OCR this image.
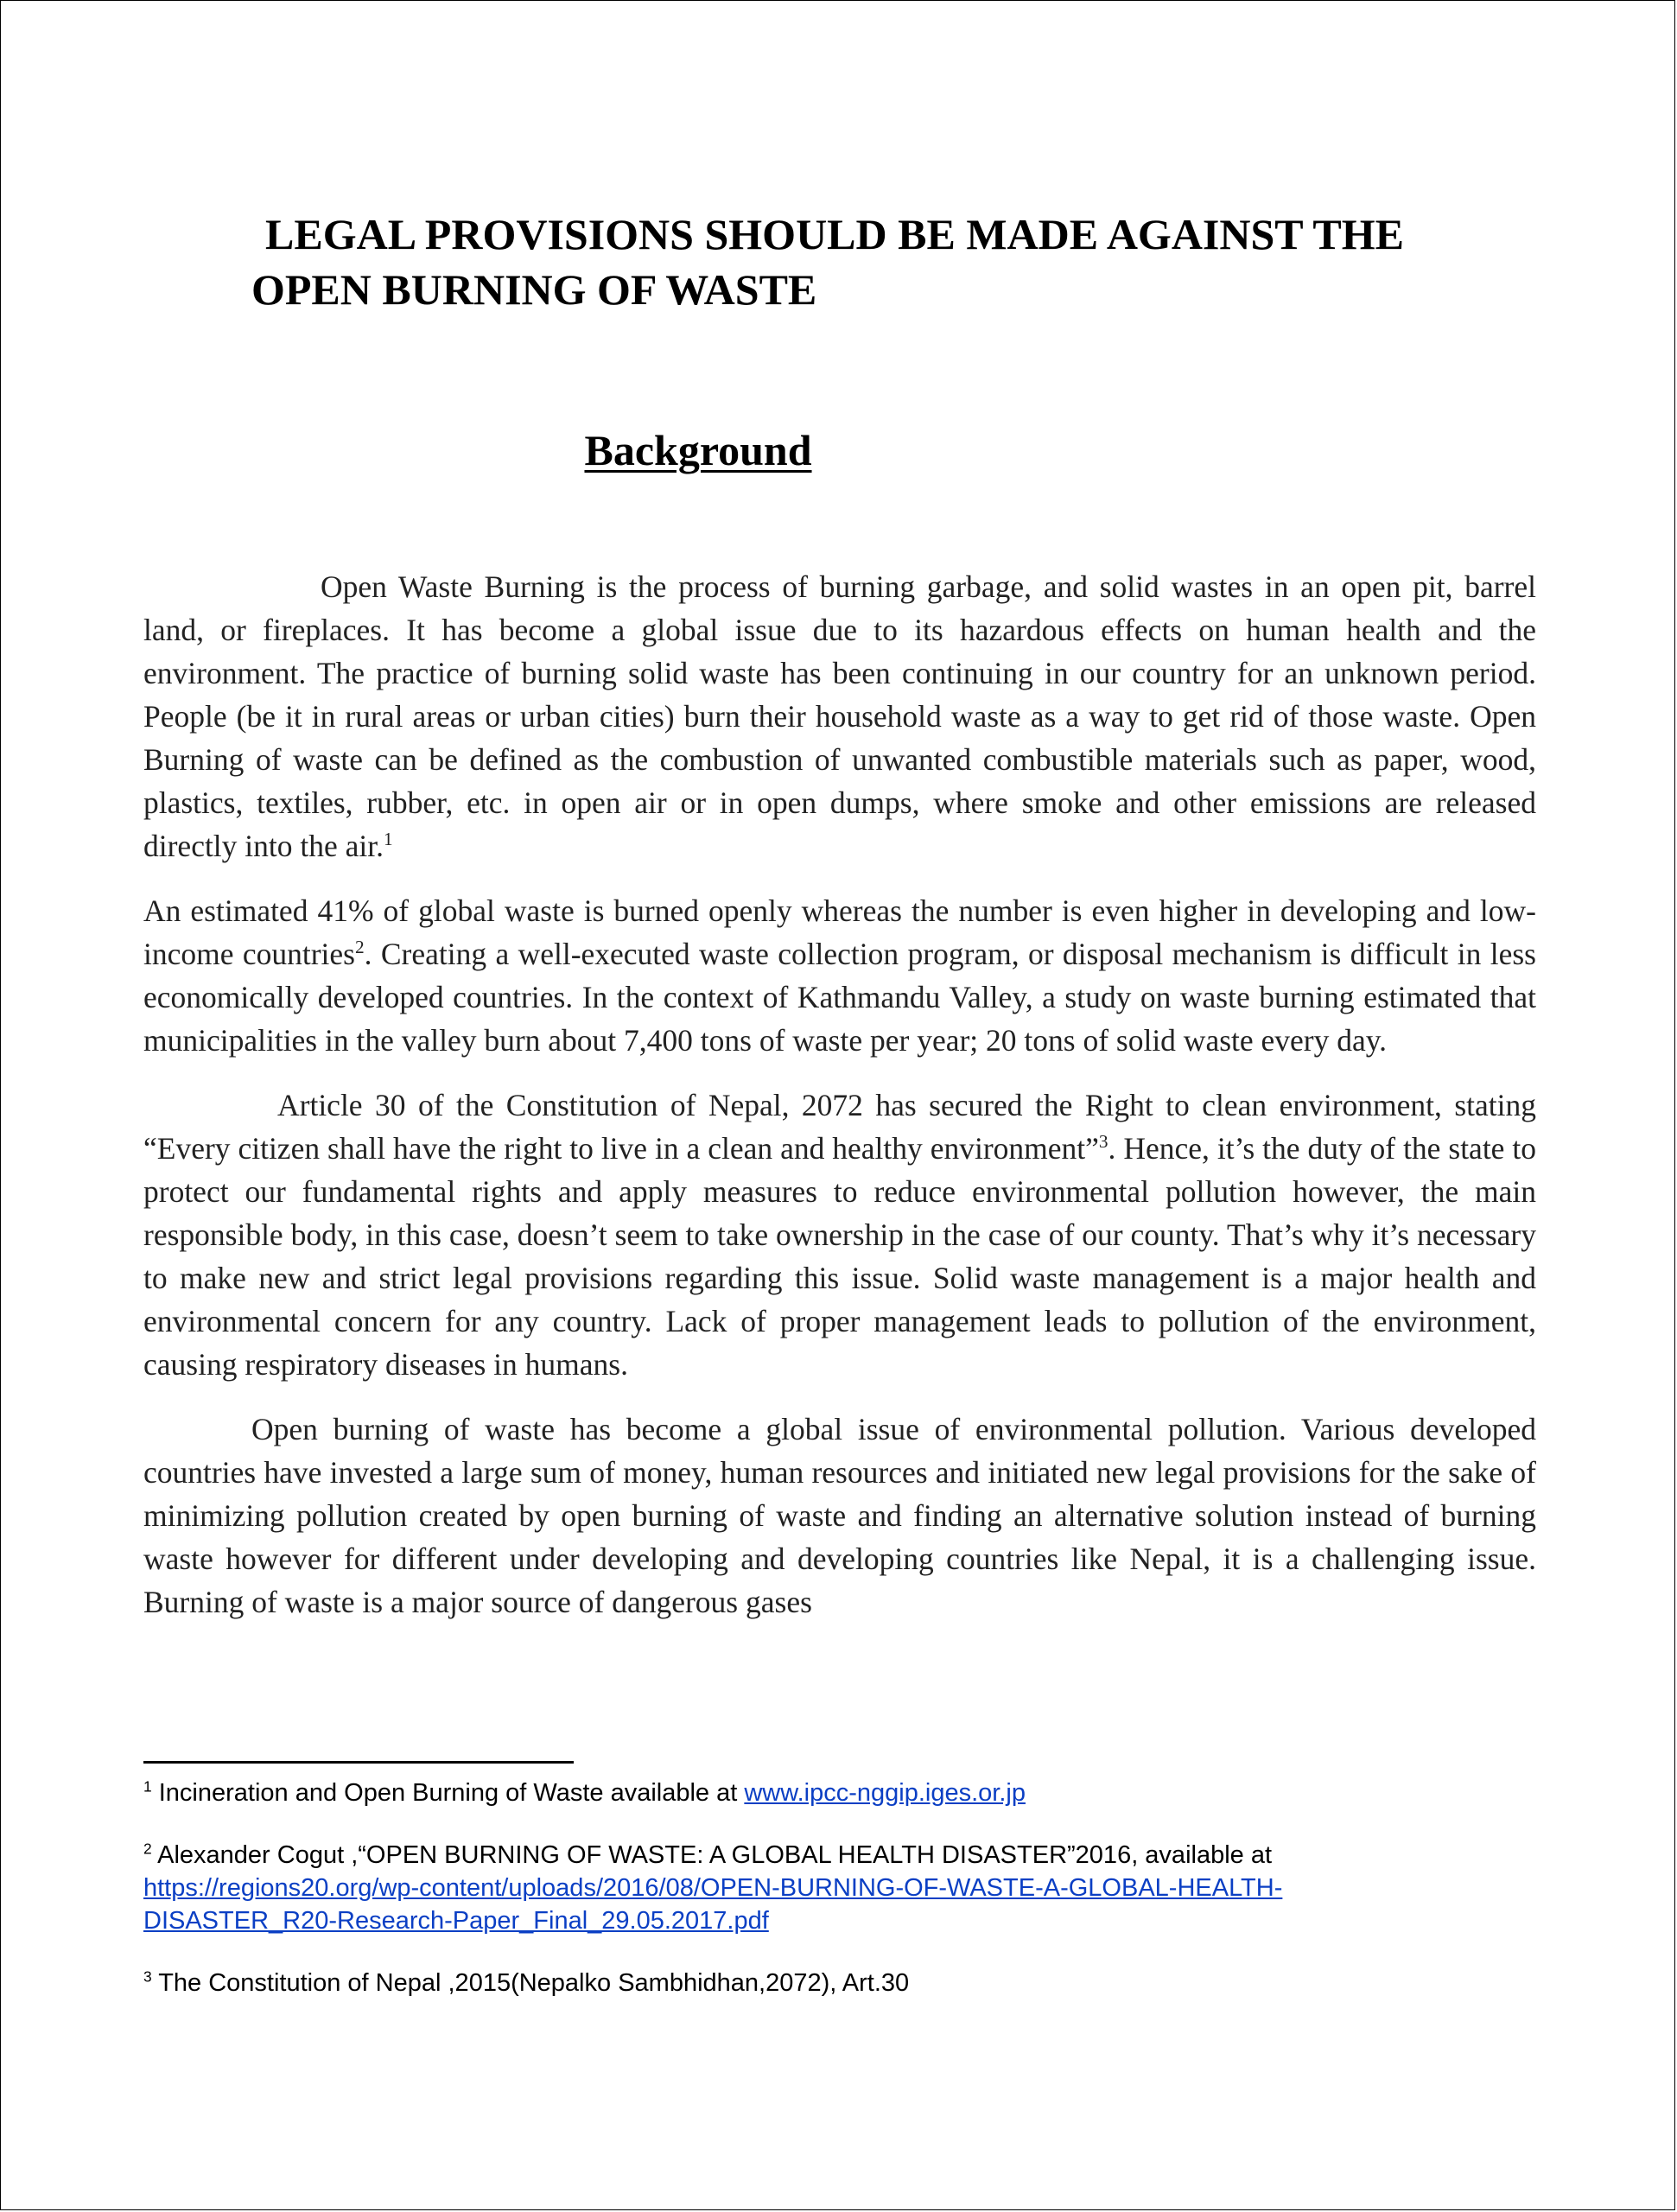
LEGAL PROVISIONS SHOULD BE MADE AGAINST THE
OPEN BURNING OF WASTE
Background

Open Waste Burning is the process of burning garbage, and solid wastes in an open pit, barrel land, or fireplaces. It has become a global issue due to its hazardous effects on human health and the environment. The practice of burning solid waste has been continuing in our country for an unknown period. People (be it in rural areas or urban cities) burn their household waste as a way to get rid of those waste. Open Burning of waste can be defined as the combustion of unwanted combustible materials such as paper, wood, plastics, textiles, rubber, etc. in open air or in open dumps, where smoke and other emissions are released directly into the air.$^1$

An estimated 41% of global waste is burned openly whereas the number is even higher in developing and low-income countries$^2$. Creating a well-executed waste collection program, or disposal mechanism is difficult in less economically developed countries. In the context of Kathmandu Valley, a study on waste burning estimated that municipalities in the valley burn about 7,400 tons of waste per year; 20 tons of solid waste every day.

Article 30 of the Constitution of Nepal, 2072 has secured the Right to clean environment, stating “Every citizen shall have the right to live in a clean and healthy environment”$^3$. Hence, it’s the duty of the state to protect our fundamental rights and apply measures to reduce environmental pollution however, the main responsible body, in this case, doesn’t seem to take ownership in the case of our county. That’s why it’s necessary to make new and strict legal provisions regarding this issue. Solid waste management is a major health and environmental concern for any country. Lack of proper management leads to pollution of the environment, causing respiratory diseases in humans.

Open burning of waste has become a global issue of environmental pollution. Various developed countries have invested a large sum of money, human resources and initiated new legal provisions for the sake of minimizing pollution created by open burning of waste and finding an alternative solution instead of burning waste however for different under developing and developing countries like Nepal, it is a challenging issue. Burning of waste is a major source of dangerous gases

$^1$ Incineration and Open Burning of Waste available at www.ipcc-nggip.iges.or.jp
$^2$ Alexander Cogut ,“OPEN BURNING OF WASTE: A GLOBAL HEALTH DISASTER”2016, available at
https://regions20.org/wp-content/uploads/2016/08/OPEN-BURNING-OF-WASTE-A-GLOBAL-HEALTH-
DISASTER_R20-Research-Paper_Final_29.05.2017.pdf
$^3$ The Constitution of Nepal ,2015(Nepalko Sambhidhan,2072), Art.30
